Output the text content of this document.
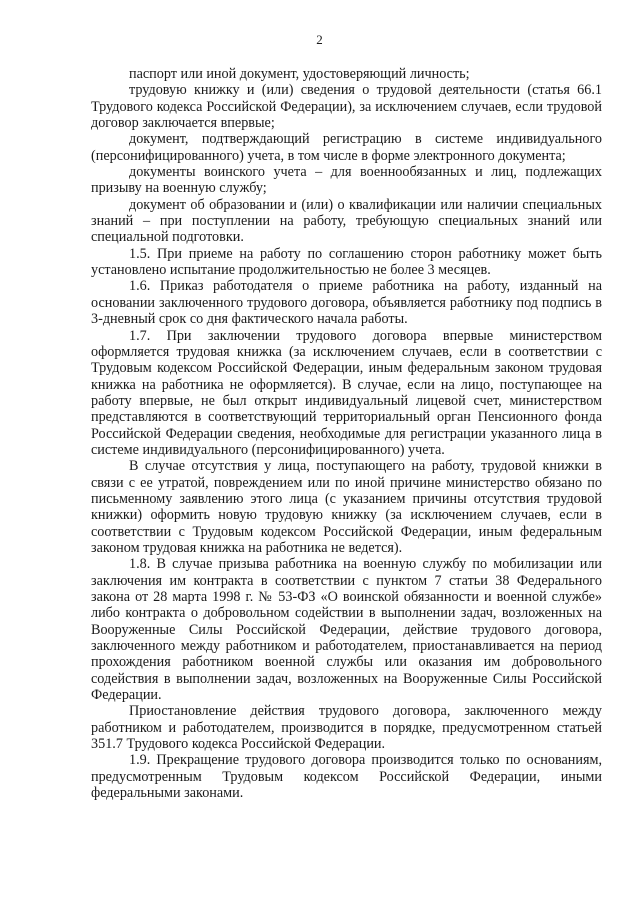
2

паспорт или иной документ, удостоверяющий личность;

трудовую книжку и (или) сведения о трудовой деятельности (статья 66.1 Трудового кодекса Российской Федерации), за исключением случаев, если трудовой договор заключается впервые;

документ, подтверждающий регистрацию в системе индивидуального (персонифицированного) учета, в том числе в форме электронного документа;

документы воинского учета – для военнообязанных и лиц, подлежащих призыву на военную службу;

документ об образовании и (или) о квалификации или наличии специальных знаний – при поступлении на работу, требующую специальных знаний или специальной подготовки.

1.5. При приеме на работу по соглашению сторон работнику может быть установлено испытание продолжительностью не более 3 месяцев.

1.6. Приказ работодателя о приеме работника на работу, изданный на основании заключенного трудового договора, объявляется работнику под подпись в 3-дневный срок со дня фактического начала работы.

1.7. При заключении трудового договора впервые министерством оформляется трудовая книжка (за исключением случаев, если в соответствии с Трудовым кодексом Российской Федерации, иным федеральным законом трудовая книжка на работника не оформляется). В случае, если на лицо, поступающее на работу впервые, не был открыт индивидуальный лицевой счет, министерством представляются в соответствующий территориальный орган Пенсионного фонда Российской Федерации сведения, необходимые для регистрации указанного лица в системе индивидуального (персонифицированного) учета.

В случае отсутствия у лица, поступающего на работу, трудовой книжки в связи с ее утратой, повреждением или по иной причине министерство обязано по письменному заявлению этого лица (с указанием причины отсутствия трудовой книжки) оформить новую трудовую книжку (за исключением случаев, если в соответствии с Трудовым кодексом Российской Федерации, иным федеральным законом трудовая книжка на работника не ведется).

1.8. В случае призыва работника на военную службу по мобилизации или заключения им контракта в соответствии с пунктом 7 статьи 38 Федерального закона от 28 марта 1998 г. № 53-ФЗ «О воинской обязанности и военной службе» либо контракта о добровольном содействии в выполнении задач, возложенных на Вооруженные Силы Российской Федерации, действие трудового договора, заключенного между работником и работодателем, приостанавливается на период прохождения работником военной службы или оказания им добровольного содействия в выполнении задач, возложенных на Вооруженные Силы Российской Федерации.

Приостановление действия трудового договора, заключенного между работником и работодателем, производится в порядке, предусмотренном статьей 351.7 Трудового кодекса Российской Федерации.

1.9. Прекращение трудового договора производится только по основаниям, предусмотренным Трудовым кодексом Российской Федерации, иными федеральными законами.
